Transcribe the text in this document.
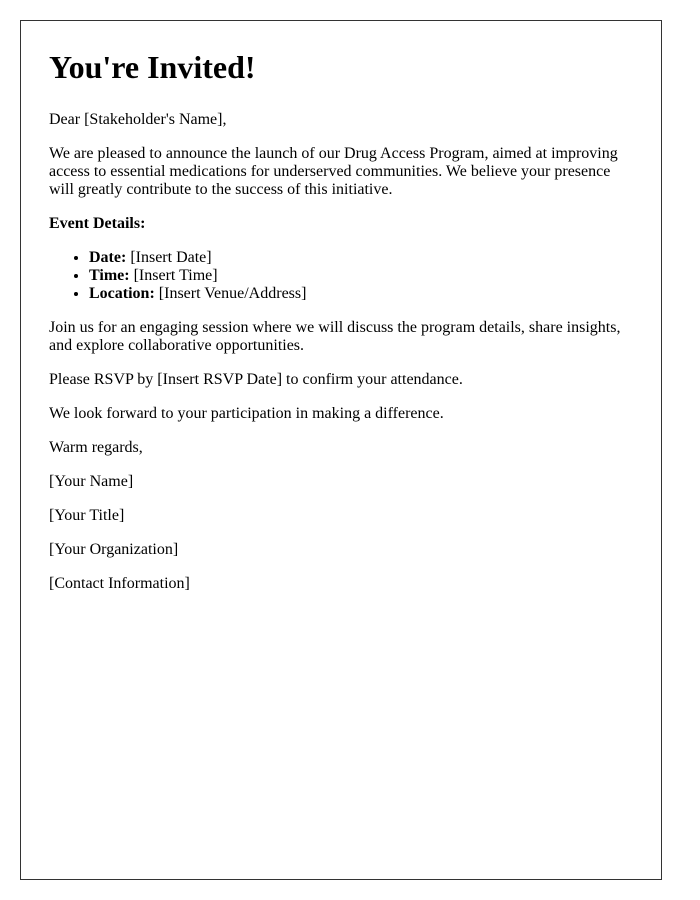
You're Invited!

Dear [Stakeholder's Name],

We are pleased to announce the launch of our Drug Access Program, aimed at improving access to essential medications for underserved communities. We believe your presence will greatly contribute to the success of this initiative.

Event Details:

• Date: [Insert Date]
• Time: [Insert Time]
• Location: [Insert Venue/Address]

Join us for an engaging session where we will discuss the program details, share insights, and explore collaborative opportunities.

Please RSVP by [Insert RSVP Date] to confirm your attendance.

We look forward to your participation in making a difference.

Warm regards,

[Your Name]

[Your Title]

[Your Organization]

[Contact Information]
